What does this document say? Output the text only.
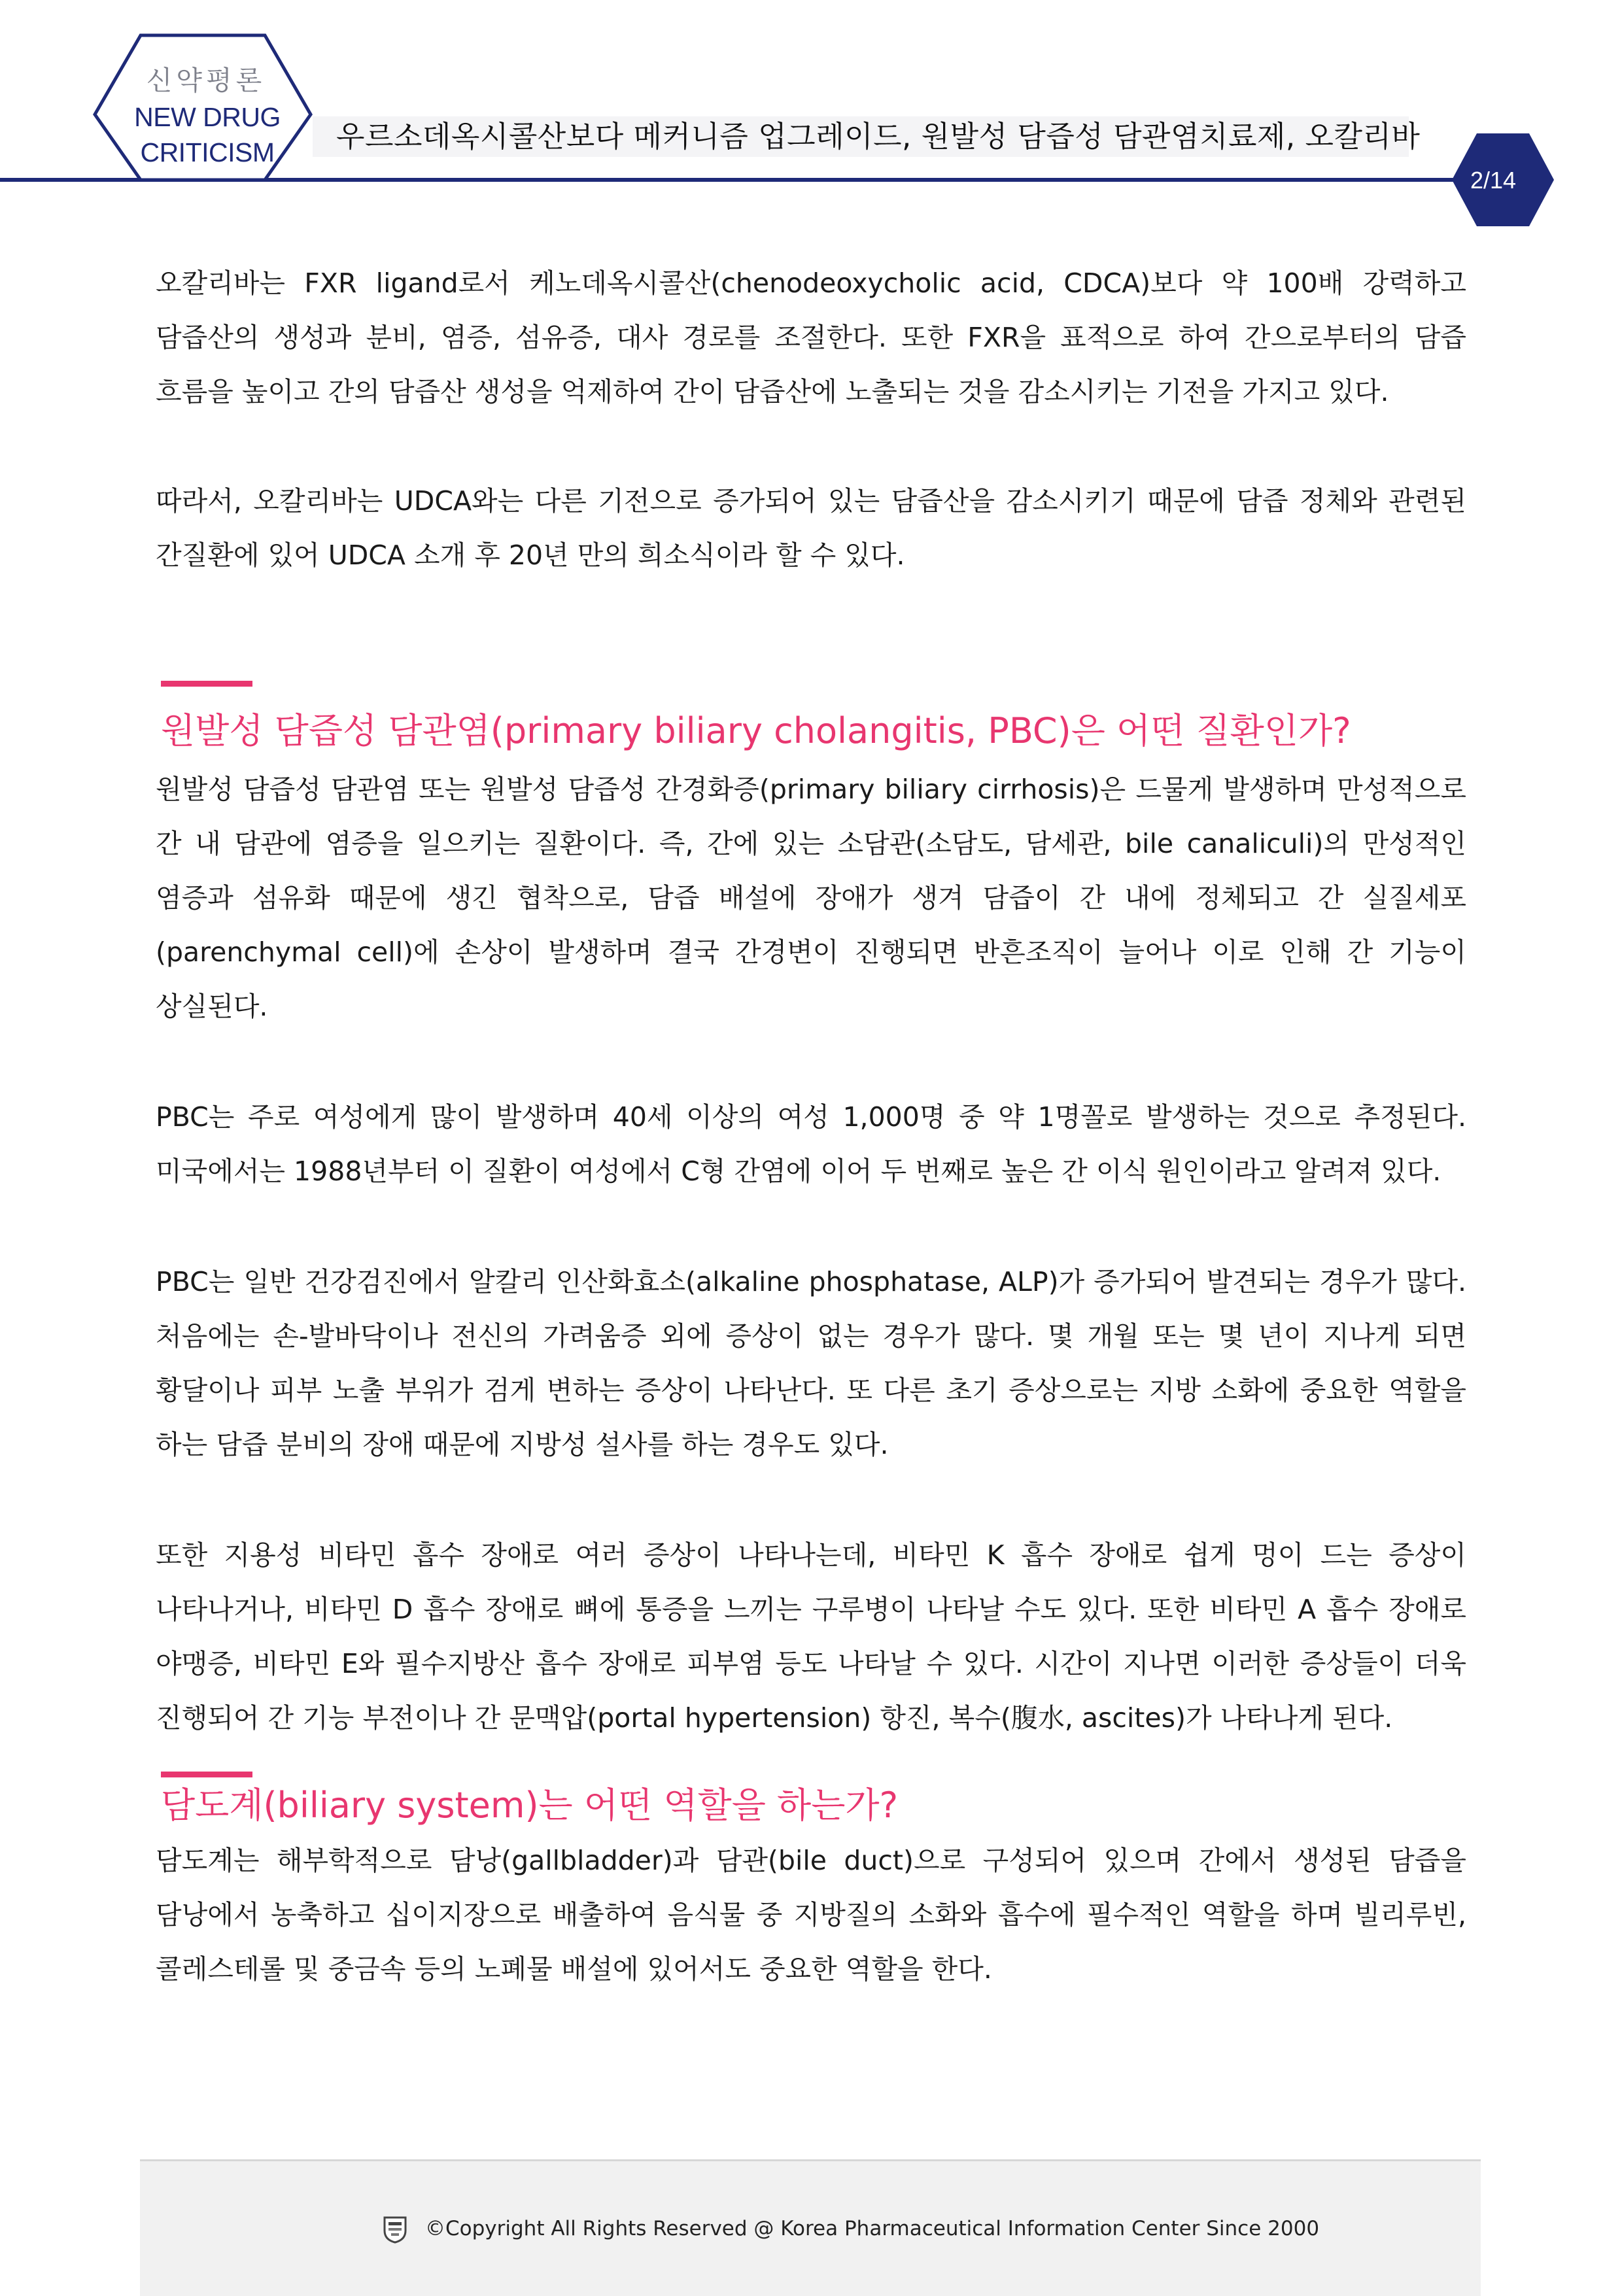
신약평론
NEW DRUG
CRITICISM	우르소데옥시콜산보다 메커니즘 업그레이드, 원발성 담즙성 담관염치료제, 오칼리바
2/14

오칼리바는 FXR ligand로서 케노데옥시콜산(chenodeoxycholic acid, CDCA)보다 약 100배 강력하고 담즙산의 생성과 분비, 염증, 섬유증, 대사 경로를 조절한다. 또한 FXR을 표적으로 하여 간으로부터의 담즙 흐름을 높이고 간의 담즙산 생성을 억제하여 간이 담즙산에 노출되는 것을 감소시키는 기전을 가지고 있다.

따라서, 오칼리바는 UDCA와는 다른 기전으로 증가되어 있는 담즙산을 감소시키기 때문에 담즙 정체와 관련된 간질환에 있어 UDCA 소개 후 20년 만의 희소식이라 할 수 있다.

원발성 담즙성 담관염(primary biliary cholangitis, PBC)은 어떤 질환인가?

원발성 담즙성 담관염 또는 원발성 담즙성 간경화증(primary biliary cirrhosis)은 드물게 발생하며 만성적으로 간 내 담관에 염증을 일으키는 질환이다. 즉, 간에 있는 소담관(소담도, 담세관, bile canaliculi)의 만성적인 염증과 섬유화 때문에 생긴 협착으로, 담즙 배설에 장애가 생겨 담즙이 간 내에 정체되고 간 실질세포(parenchymal cell)에 손상이 발생하며 결국 간경변이 진행되면 반흔조직이 늘어나 이로 인해 간 기능이 상실된다.

PBC는 주로 여성에게 많이 발생하며 40세 이상의 여성 1,000명 중 약 1명꼴로 발생하는 것으로 추정된다. 미국에서는 1988년부터 이 질환이 여성에서 C형 간염에 이어 두 번째로 높은 간 이식 원인이라고 알려져 있다.

PBC는 일반 건강검진에서 알칼리 인산화효소(alkaline phosphatase, ALP)가 증가되어 발견되는 경우가 많다. 처음에는 손-발바닥이나 전신의 가려움증 외에 증상이 없는 경우가 많다. 몇 개월 또는 몇 년이 지나게 되면 황달이나 피부 노출 부위가 검게 변하는 증상이 나타난다. 또 다른 초기 증상으로는 지방 소화에 중요한 역할을 하는 담즙 분비의 장애 때문에 지방성 설사를 하는 경우도 있다.

또한 지용성 비타민 흡수 장애로 여러 증상이 나타나는데, 비타민 K 흡수 장애로 쉽게 멍이 드는 증상이 나타나거나, 비타민 D 흡수 장애로 뼈에 통증을 느끼는 구루병이 나타날 수도 있다. 또한 비타민 A 흡수 장애로 야맹증, 비타민 E와 필수지방산 흡수 장애로 피부염 등도 나타날 수 있다. 시간이 지나면 이러한 증상들이 더욱 진행되어 간 기능 부전이나 간 문맥압(portal hypertension) 항진, 복수(腹水, ascites)가 나타나게 된다.

담도계(biliary system)는 어떤 역할을 하는가?

담도계는 해부학적으로 담낭(gallbladder)과 담관(bile duct)으로 구성되어 있으며 간에서 생성된 담즙을 담낭에서 농축하고 십이지장으로 배출하여 음식물 중 지방질의 소화와 흡수에 필수적인 역할을 하며 빌리루빈, 콜레스테롤 및 중금속 등의 노폐물 배설에 있어서도 중요한 역할을 한다.

©Copyright All Rights Reserved @ Korea Pharmaceutical Information Center Since 2000
